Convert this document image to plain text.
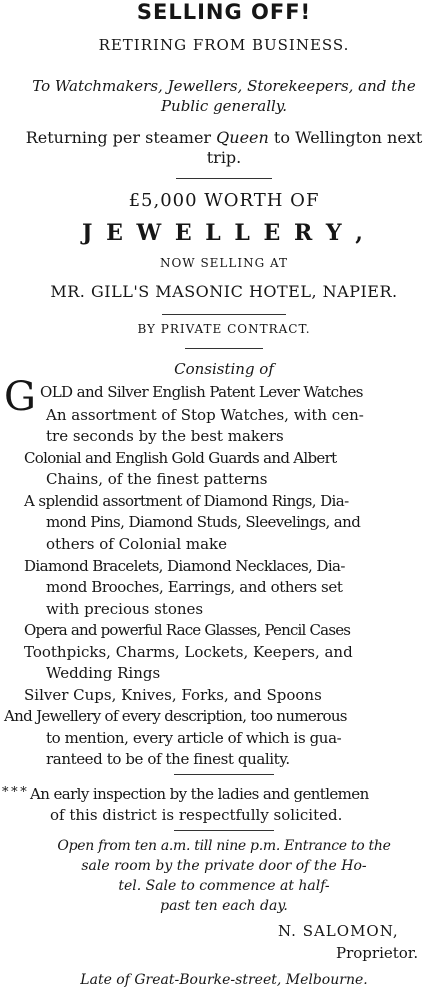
SELLING OFF!

RETIRING FROM BUSINESS.

To Watchmakers, Jewellers, Storekeepers, and the

Public generally.

Returning per steamer Queen to Wellington next

trip.

£5,000 WORTH OF

J E W E L L E R Y ,

NOW SELLING AT

MR. GILL'S MASONIC HOTEL, NAPIER.

BY PRIVATE CONTRACT.

Consisting of

G OLD and Silver English Patent Lever Watches
An assortment of Stop Watches, with cen-
tre seconds by the best makers
Colonial and English Gold Guards and Albert
Chains, of the finest patterns
A splendid assortment of Diamond Rings, Dia-
mond Pins, Diamond Studs, Sleevelings, and
others of Colonial make
Diamond Bracelets, Diamond Necklaces, Dia-
mond Brooches, Earrings, and others set
with precious stones
Opera and powerful Race Glasses, Pencil Cases
Toothpicks, Charms, Lockets, Keepers, and
Wedding Rings
Silver Cups, Knives, Forks, and Spoons
And Jewellery of every description, too numerous
to mention, every article of which is gua-
ranteed to be of the finest quality.
* * * An early inspection by the ladies and gentlemen
of this district is respectfully solicited.

Open from ten a.m. till nine p.m. Entrance to the

sale room by the private door of the Ho-

tel. Sale to commence at half-

past ten each day.

N. SALOMON,
Proprietor.

Late of Great-Bourke-street, Melbourne.
